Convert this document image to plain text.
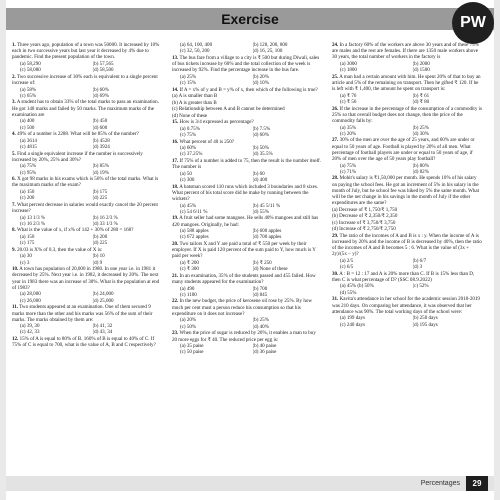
Exercise	PW
1. Three years ago, population of a town was 50000. It increased by 10% each in two successive years but last year it decreased by 4% due to pandemic. Find the present population of the town.
(a) 58,290	(b) 57,565
(c) 58,080	(d) 58,500
2. Two successive increase of 30% each is equivalent to a single percent increase of:
(a) 58%	(b) 60%
(c) 65%	(d) 69%
3. A student has to obtain 33% of the total marks to pass an examination. He got 148 marks and failed by 50 marks. The maximum marks of the examination are
(a) 400	(b) 450
(c) 500	(d) 600
4. 49% of a number is 2288. What will be 85% of the number?
(a) 3614	(b) 4528
(c) 4815	(d) 3924
5. Find a single equivalent increase if the number is successively increased by 20%, 25% and 30%?
(a) 75%	(b) 85%
(c) 95%	(d) 19%
6. X got 98 marks in his exams which is 56% of the total marks. What is the maximum marks of the exam?
(a) 150	(b) 175
(c) 200	(d) 225
7. What percent decrease in salaries would exactly cancel the 20 percent increase?
(a) 13 1/3 %	(b) 16 2/3 %
(c) 16 2/3 %	(d) 33 1/3 %
8. What is the value of x, if x% of 142 + 30% of 280 = 168?
(a) 150	(b) 200
(c) 175	(d) 225
9. 20.03 is X% of 0.3, then the value of X is:
(a) 30	(b) 10
(c) 3	(d) 9
10. A town has population of 20,000 in 1980. In one year i.e. in 1981 it decreased by 25%. Next year i.e. in 1982, it decreased by 20%. The next year in 1983 there was an increase of 30%. What is the population at end of 1983?
(a) 28,000	(b) 24,000
(c) 26,000	(d) 25,000
11. Two students appeared at an examination. One of them secured 9 marks more than the other and his marks was 56% of the sum of their marks. The marks obtained by them are:
(a) 39, 30	(b) 41, 32
(c) 42, 33	(d) 43, 34
12. 15% of A is equal to 80% of B. 160% of B is equal to 40% of C. If 75% of C is equal to 700, what is the value of A, B and C respectively?
(a) 64, 100, 400	(b) 128, 200, 800
(c) 32, 50, 200	(d) 16, 25, 100
13. The bus fare from a village to a city is ₹ 500 but during Diwali, sales of bus tickets increase by 60% and the total collection of the week is increased by 92%. Find the percentage increase in the bus fare.
(a) 25%	(b) 20%
(c) 15%	(d) 10%
14. If A = x% of y and B = y% of x, then which of the following is true?
(a) A is smaller than B
(b) A is greater than B
(c) Relationship between A and B cannot be determined
(d) None of these
15. How is 3/4 expressed as percentage?
(a) 0.75%	(b) 7.5%
(c) 75%	(d) 60%
16. What percent of 40 is 250?
(a) 60%	(b) 50%
(c) 37.25%	(d) 35.5%
17. If 75% of a number is added to 75, then the result is the number itself. The number is
(a) 50	(b) 60
(c) 300	(d) 400
18. A batsman scored 110 runs which included 3 boundaries and 8 sixes. What percent of his total score did he make by running between the wickets?
(a) 45%	(b) 45 5/11 %
(c) 54 6/11 %	(d) 55%
19. A fruit seller had some mangoes. He sells 40% mangoes and still has 420 mangoes. Originally, he had:
(a) 588 apples	(b) 600 apples
(c) 672 apples	(d) 700 apples
20. Two tailors X and Y are paid a total of ₹ 550 per week by their employer. If X is paid 120 percent of the sum paid to Y, how much is Y paid per week?
(a) ₹ 200	(b) ₹ 250
(c) ₹ 300	(d) None of these
21. In an examination, 35% of the students passed and 455 failed. How many students appeared for the examination?
(a) 490	(b) 700
(c) 1100	(d) 845
22. In the new budget, the price of kerosene oil rose by 25%. By how much per cent must a person reduce his consumption so that his expenditure on it does not increase?
(a) 20%	(b) 25%
(c) 50%	(d) 40%
23. When the price of sugar is reduced by 20%, it enables a man to buy 20 more eggs for ₹ 40. The reduced price per egg is:
(a) 35 paise	(b) 40 paise
(c) 50 paise	(d) 36 paise
24. In a factory 60% of the workers are above 30 years and of these 75% are males and the rest are females. If there are 1350 male workers above 30 years, the total number of workers in the factory is
(a) 3000	(b) 2000
(c) 1800	(d) 1500
25. A man had a certain amount with him. He spent 20% of that to buy an article and 5% of the remaining on transport. Then he gifted ₹ 120. If he is left with ₹ 1,400, the amount he spent on transport is:
(a) ₹ 76	(b) ₹ 61
(c) ₹ 56	(d) ₹ 80
26. If the increase in the percentage of the consumption of a commodity is 25% so that overall budget does not change, then the price of the commodity falls by:
(a) 35%	(b) 25%
(c) 20%	(d) 30%
27. 30% of the men are over the age of 25 years, and 60% are under or equal to 50 years of age. Football is played by 20% of all men. What percentage of football players are under or equal to 50 years of age, if 20% of men over the age of 50 years play football?
(a) 75%	(b) 80%
(c) 71%	(d) 82%
28. Mohit's salary is ₹1,50,000 per month. He spends 10% of his salary on paying the school fees. He got an increment of 5% in his salary in the month of July, but he school fee was hiked by 5% the same month. What will be the net change in his savings in the month of July if the other expenditures are the same?
(a) Decrease of ₹ 1,750/₹ 1,750
(b) Decrease of ₹ 2,350/₹ 2,350
(c) Increase of ₹ 3,750/₹ 3,750
(d) Increase of ₹ 2,750/₹ 2,750
29. The ratio of the incomes of A and B is x : y. When the income of A is increased by 20% and the income of B is decreased by 40%, then the ratio of the incomes of A and B becomes 5 : 6. What is the value of (3x + 2y)/(5x − y)?
(a) 2/5	(b) 6/7
(c) 6/5	(d) 3
30. A : B = 12 : 17 and A is 20% more than C. If B is 15% less than D, then C is what percentage of D? (SSC 08.9.2022)
(a) 45% (b) 50%	(c) 52%
(d) 55%
31. Kavita's attendance in her school for the academic session 2018-2019 was 210 days. On comparing her attendance, it was observed that her attendance was 90%. The total working days of the school were:
(a) 199 days	(b) 250 days
(c) 240 days	(d) 195 days
Percentages	29
